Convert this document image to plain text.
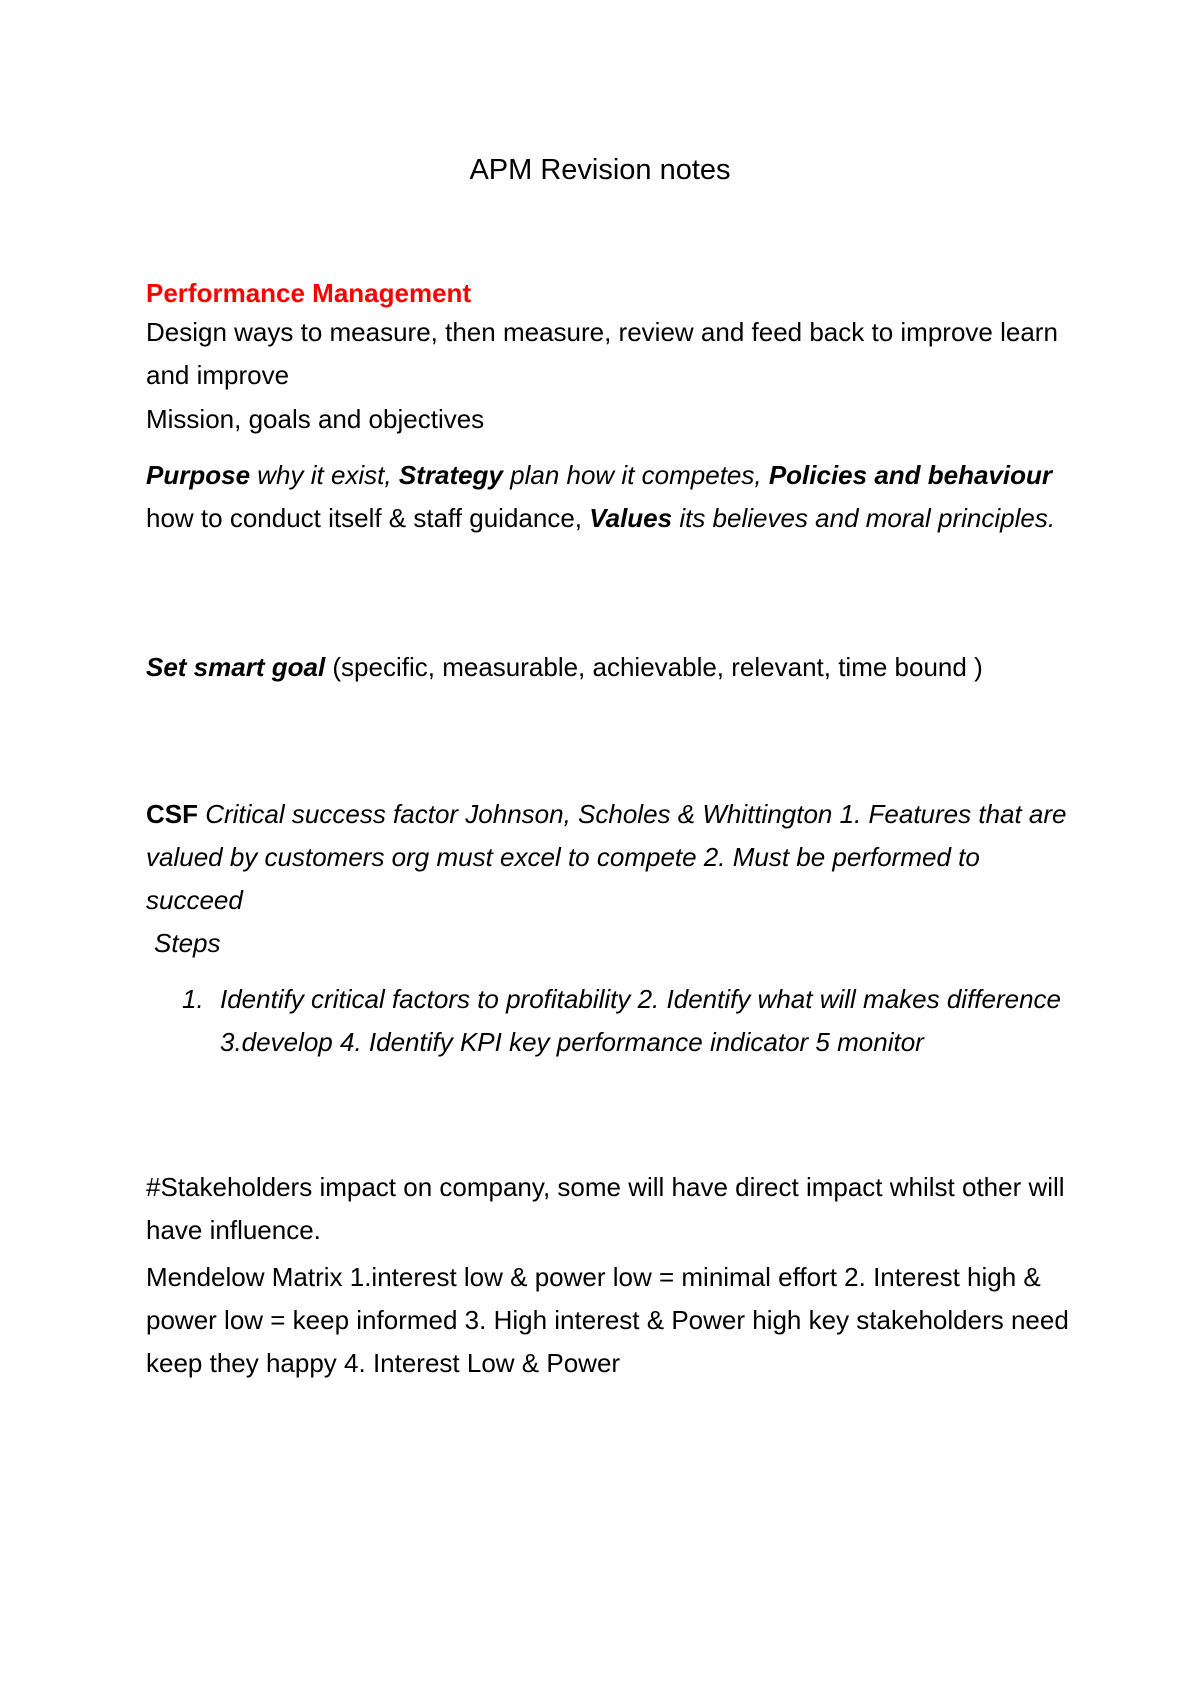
APM Revision notes
Performance Management

Design ways to measure, then measure, review and feed back to improve learn and improve

Mission, goals and objectives

Purpose why it exist, Strategy plan how it competes, Policies and behaviour how to conduct itself & staff guidance, Values its believes and moral principles.

Set smart goal (specific, measurable, achievable, relevant, time bound )

CSF Critical success factor Johnson, Scholes & Whittington 1. Features that are valued by customers org must excel to compete 2. Must be performed to succeed

Steps

1. Identify critical factors to profitability 2. Identify what will makes difference 3.develop 4. Identify KPI key performance indicator 5 monitor

#Stakeholders impact on company, some will have direct impact whilst other will have influence.

Mendelow Matrix 1.interest low & power low = minimal effort 2. Interest high & power low = keep informed 3. High interest & Power high key stakeholders need keep they happy 4. Interest Low & Power
